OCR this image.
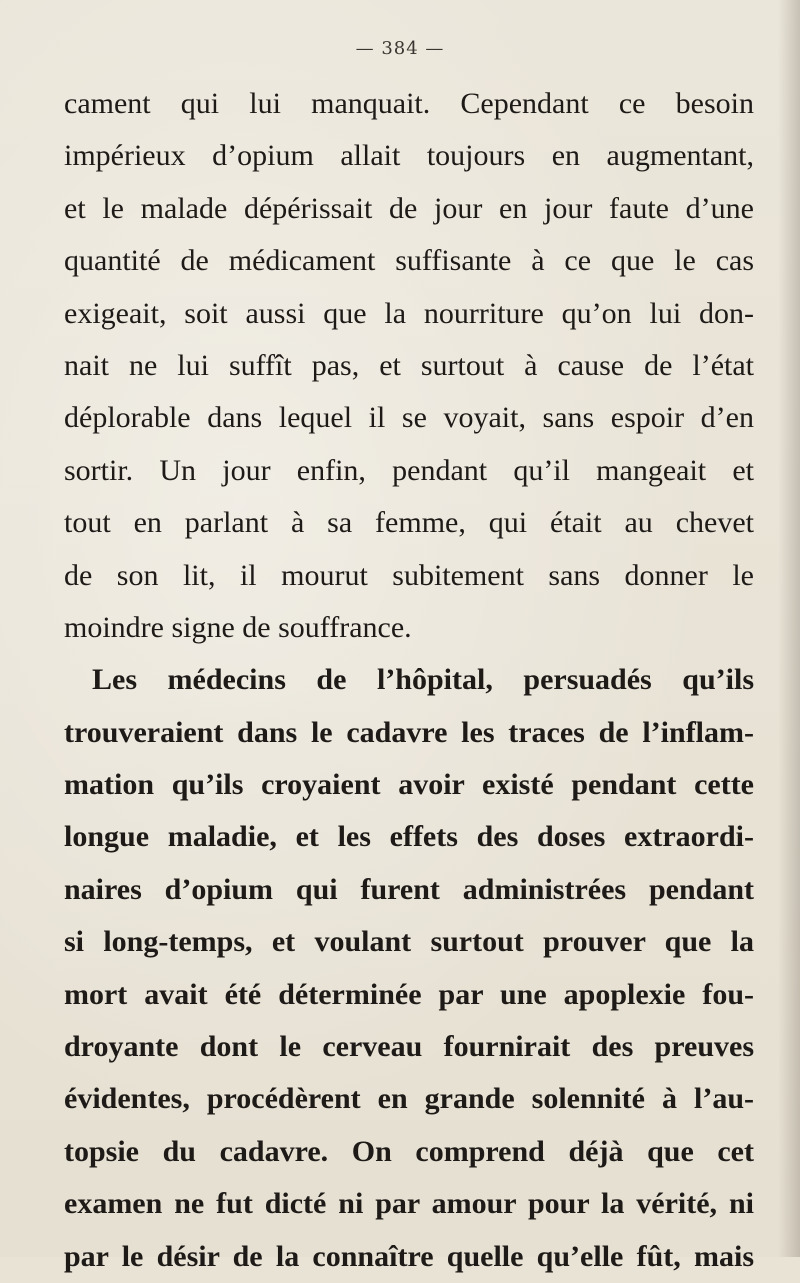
— 384 —
cament qui lui manquait. Cependant ce besoin
impérieux d’opium allait toujours en augmentant,
et le malade dépérissait de jour en jour faute d’une
quantité de médicament suffisante à ce que le cas
exigeait, soit aussi que la nourriture qu’on lui don-
nait ne lui suffît pas, et surtout à cause de l’état
déplorable dans lequel il se voyait, sans espoir d’en
sortir. Un jour enfin, pendant qu’il mangeait et
tout en parlant à sa femme, qui était au chevet
de son lit, il mourut subitement sans donner le
moindre signe de souffrance.
Les médecins de l’hôpital, persuadés qu’ils
trouveraient dans le cadavre les traces de l’inflam-
mation qu’ils croyaient avoir existé pendant cette
longue maladie, et les effets des doses extraordi-
naires d’opium qui furent administrées pendant
si long-temps, et voulant surtout prouver que la
mort avait été déterminée par une apoplexie fou-
droyante dont le cerveau fournirait des preuves
évidentes, procédèrent en grande solennité à l’au-
topsie du cadavre. On comprend déjà que cet
examen ne fut dicté ni par amour pour la vérité, ni
par le désir de la connaître quelle qu’elle fût, mais
